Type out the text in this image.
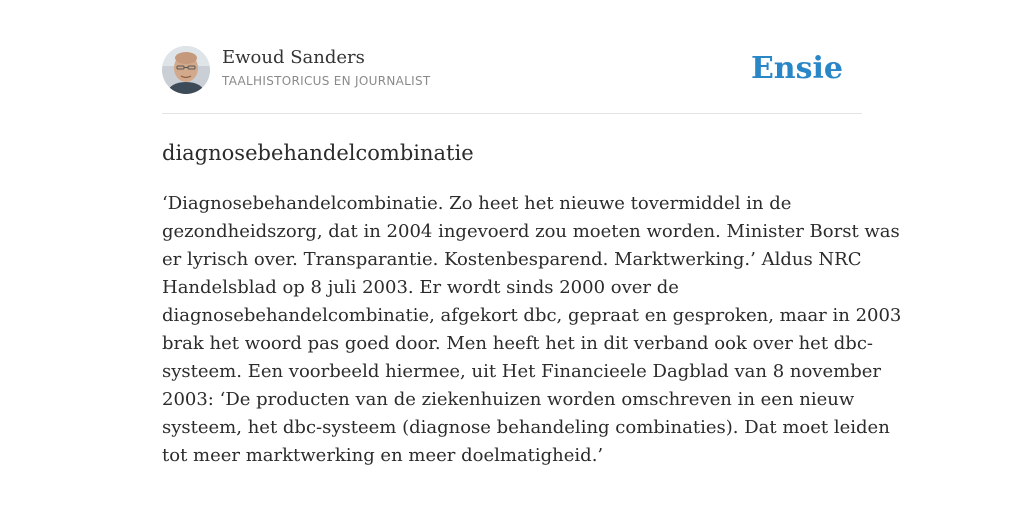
Ewoud Sanders
TAALHISTORICUS EN JOURNALIST	Ensie
diagnosebehandelcombinatie
‘Diagnosebehandelcombinatie. Zo heet het nieuwe tovermiddel in de
gezondheidszorg, dat in 2004 ingevoerd zou moeten worden. Minister Borst was
er lyrisch over. Transparantie. Kostenbesparend. Marktwerking.’ Aldus NRC
Handelsblad op 8 juli 2003. Er wordt sinds 2000 over de
diagnosebehandelcombinatie, afgekort dbc, gepraat en gesproken, maar in 2003
brak het woord pas goed door. Men heeft het in dit verband ook over het dbc-
systeem. Een voorbeeld hiermee, uit Het Financieele Dagblad van 8 november
2003: ‘De producten van de ziekenhuizen worden omschreven in een nieuw
systeem, het dbc-systeem (diagnose behandeling combinaties). Dat moet leiden
tot meer marktwerking en meer doelmatigheid.’
